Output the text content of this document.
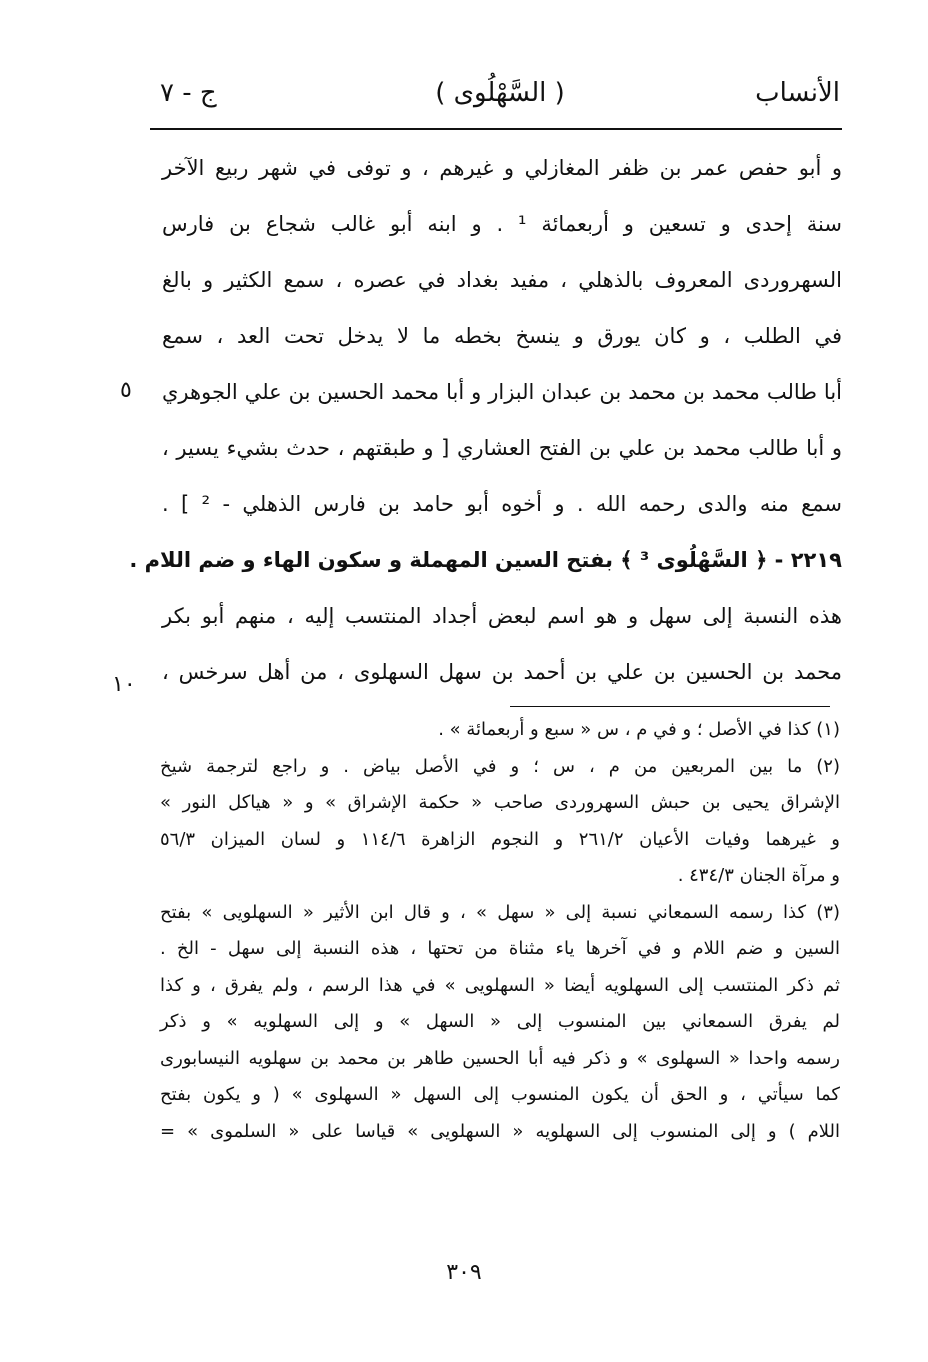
الأنساب
( السَّهْلُوى )
ج - ٧
و أبو حفص عمر بن ظفر المغازلي و غيرهم ، و توفى في شهر ربيع الآخر
سنة إحدى و تسعين و أربعمائة ¹ . و ابنه أبو غالب شجاع بن فارس
السهروردى المعروف بالذهلي ، مفيد بغداد في عصره ، سمع الكثير و بالغ
في الطلب ، و كان يورق و ينسخ بخطه ما لا يدخل تحت العد ، سمع
أبا طالب محمد بن محمد بن عبدان البزار و أبا محمد الحسين بن علي الجوهري
و أبا طالب محمد بن علي بن الفتح العشاري [ و طبقتهم ، حدث بشيء يسير ،
سمع منه والدى رحمه الله . و أخوه أبو حامد بن فارس الذهلي - ² ] .
٢٢١٩ - ﴿ السَّهْلُوى ³ ﴾ بفتح السين المهملة و سكون الهاء و ضم اللام .
هذه النسبة إلى سهل و هو اسم لبعض أجداد المنتسب إليه ، منهم أبو بكر
محمد بن الحسين بن علي بن أحمد بن سهل السهلوى ، من أهل سرخس ،
٥
١٠
(١) كذا في الأصل ؛ و في م ، س « سبع و أربعمائة » .
(٢) ما بين المربعين من م ، س ؛ و في الأصل بياض . و راجع لترجمة شيخ
الإشراق يحيى بن حبش السهروردى صاحب « حكمة الإشراق » و « هياكل النور »
و غيرهما وفيات الأعيان ٢٦١/٢ و النجوم الزاهرة ١١٤/٦ و لسان الميزان ٥٦/٣
و مرآة الجنان ٤٣٤/٣ .
(٣) كذا رسمه السمعاني نسبة إلى « سهل » ، و قال ابن الأثير « السهلويى » بفتح
السين و ضم اللام و في آخرها ياء مثناة من تحتها ، هذه النسبة إلى سهل - الخ .
ثم ذكر المنتسب إلى السهلويه أيضا « السهلويى » في هذا الرسم ، ولم يفرق ، و كذا
لم يفرق السمعاني بين المنسوب إلى « السهل » و إلى السهلويه » و ذكر
رسمه واحدا « السهلوى » و ذكر فيه أبا الحسين طاهر بن محمد بن سهلويه النيسابورى
كما سيأتي ، و الحق أن يكون المنسوب إلى السهل « السهلوى » ( و يكون بفتح
اللام ) و إلى المنسوب إلى السهلويه « السهلويى » قياسا على « السلموى » =
٣٠٩
